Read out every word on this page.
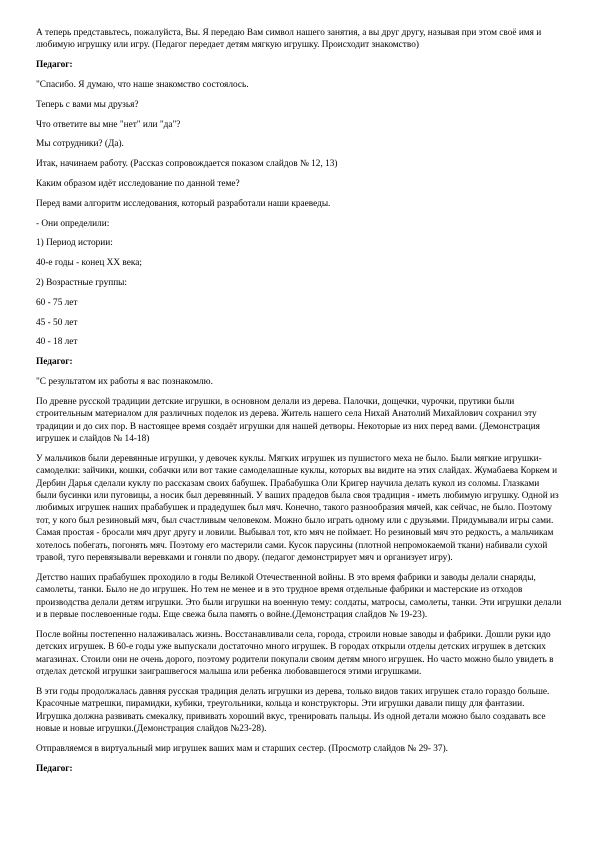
А теперь представьтесь, пожалуйста, Вы. Я передаю Вам символ нашего занятия, а вы друг другу, называя при этом своё имя и любимую игрушку или игру. (Педагог передает детям мягкую игрушку. Происходит знакомство)

Педагог:

"Спасибо. Я думаю, что наше знакомство состоялось.

Теперь с вами мы друзья?

Что ответите вы мне "нет" или "да"?

Мы сотрудники? (Да).

Итак, начинаем работу. (Рассказ сопровождается показом слайдов № 12, 13)

Каким образом идёт исследование по данной теме?

Перед вами алгоритм исследования, который разработали наши краеведы.

- Они определили:

1) Период истории:

40-е годы - конец XX века;

2) Возрастные группы:

60 - 75 лет

45 - 50 лет

40 - 18 лет

Педагог:

"С результатом их работы я вас познакомлю.

По древне русской традиции детские игрушки, в основном делали из дерева. Палочки, дощечки, чурочки, прутики были строительным материалом для различных поделок из дерева. Житель нашего села Нихай Анатолий Михайлович сохранил эту традиции и до сих пор. В настоящее время создаёт игрушки для нашей детворы. Некоторые из них перед вами. (Демонстрация игрушек и слайдов № 14-18)

У мальчиков были деревянные игрушки, у девочек куклы. Мягких игрушек из пушистого меха не было. Были мягкие игрушки-самоделки: зайчики, кошки, собачки или вот такие самоделашные куклы, которых вы видите на этих слайдах. Жумабаева Коркем и Дербин Дарья сделали куклу по рассказам своих бабушек. Прабабушка Оли Кригер научила делать кукол из соломы. Глазками были бусинки или пуговицы, а носик был деревянный. У ваших прадедов была своя традиция - иметь любимую игрушку. Одной из любимых игрушек наших прабабушек и прадедушек был мяч. Конечно, такого разнообразия мячей, как сейчас, не было. Поэтому тот, у кого был резиновый мяч, был счастливым человеком. Можно было играть одному или с друзьями. Придумывали игры сами. Самая простая - бросали мяч друг другу и ловили. Выбывал тот, кто мяч не поймает. Но резиновый мяч это редкость, а мальчикам хотелось побегать, погонять мяч. Поэтому его мастерили сами. Кусок парусины (плотной непромокаемой ткани) набивали сухой травой, туго перевязывали веревками и гоняли по двору. (педагог демонстрирует мяч и организует игру).

Детство наших прабабушек проходило в годы Великой Отечественной войны. В это время фабрики и заводы делали снаряды, самолеты, танки. Было не до игрушек. Но тем не менее и в это трудное время отдельные фабрики и мастерские из отходов производства делали детям игрушки. Это были игрушки на военную тему: солдаты, матросы, самолеты, танки. Эти игрушки делали и в первые послевоенные годы. Еще свежа была память о войне.(Демонстрация слайдов № 19-23).

После войны постепенно налаживалась жизнь. Восстанавливали села, города, строили новые заводы и фабрики. Дошли руки идо детских игрушек. В 60-е годы уже выпускали достаточно много игрушек. В городах открыли отделы детских игрушек в детских магазинах. Стоили они не очень дорого, поэтому родители покупали своим детям много игрушек. Но часто можно было увидеть в отделах детской игрушки заиграшвегося малыша или ребенка любовавшегося этими игрушками.

В эти годы продолжалась давняя русская традиция делать игрушки из дерева, только видов таких игрушек стало гораздо больше. Красочные матрешки, пирамидки, кубики, треугольники, кольца и конструкторы. Эти игрушки давали пищу для фантазии. Игрушка должна развивать смекалку, прививать хороший вкус, тренировать пальцы. Из одной детали можно было создавать все новые и новые игрушки.(Демонстрация слайдов №23-28).

Отправляемся в виртуальный мир игрушек ваших мам и старших сестер. (Просмотр слайдов № 29- 37).

Педагог:
